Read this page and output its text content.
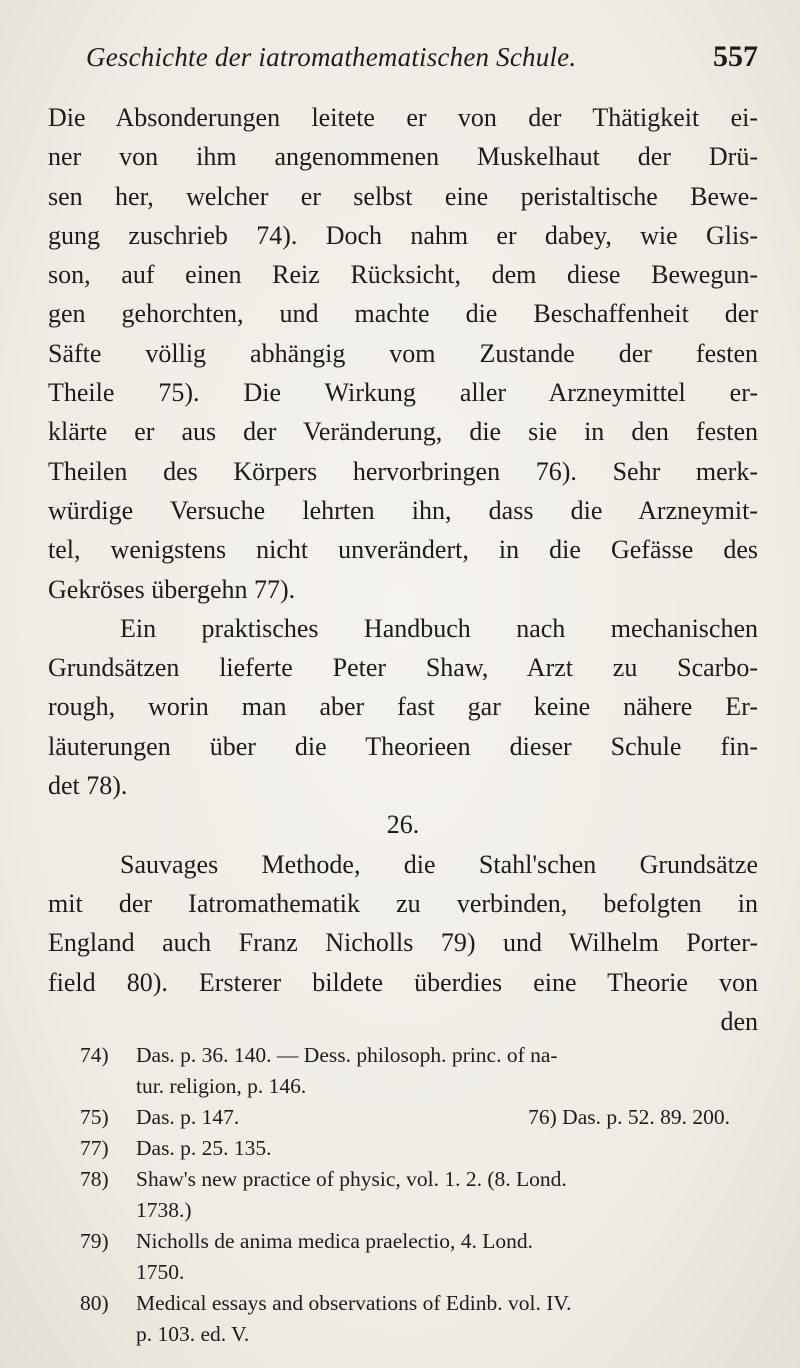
Geschichte der iatromathematischen Schule.	557
Die Absonderungen leitete er von der Thätigkeit ei-
ner von ihm angenommenen Muskelhaut der Drü-
sen her, welcher er selbst eine peristaltische Bewe-
gung zuschrieb 74). Doch nahm er dabey, wie Glis-
son, auf einen Reiz Rücksicht, dem diese Bewegun-
gen gehorchten, und machte die Beschaffenheit der
Säfte völlig abhängig vom Zustande der festen
Theile 75). Die Wirkung aller Arzneymittel er-
klärte er aus der Veränderung, die sie in den festen
Theilen des Körpers hervorbringen 76). Sehr merk-
würdige Versuche lehrten ihn, dass die Arzneymit-
tel, wenigstens nicht unverändert, in die Gefässe des
Gekröses übergehn 77).
Ein praktisches Handbuch nach mechanischen
Grundsätzen lieferte Peter Shaw, Arzt zu Scarbo-
rough, worin man aber fast gar keine nähere Er-
läuterungen über die Theorieen dieser Schule fin-
det 78).
26.
Sauvages Methode, die Stahl'schen Grundsätze
mit der Iatromathematik zu verbinden, befolgten in
England auch Franz Nicholls 79) und Wilhelm Porter-
field 80). Ersterer bildete überdies eine Theorie von
den
74)	Das. p. 36. 140. — Dess. philosoph. princ. of na-
tur. religion, p. 146.
75)	Das. p. 147.	76) Das. p. 52. 89. 200.
77)	Das. p. 25. 135.
78)	Shaw's new practice of physic, vol. 1. 2. (8. Lond.
1738.)
79)	Nicholls de anima medica praelectio, 4. Lond.
1750.
80)	Medical essays and observations of Edinb. vol. IV.
p. 103. ed. V.
